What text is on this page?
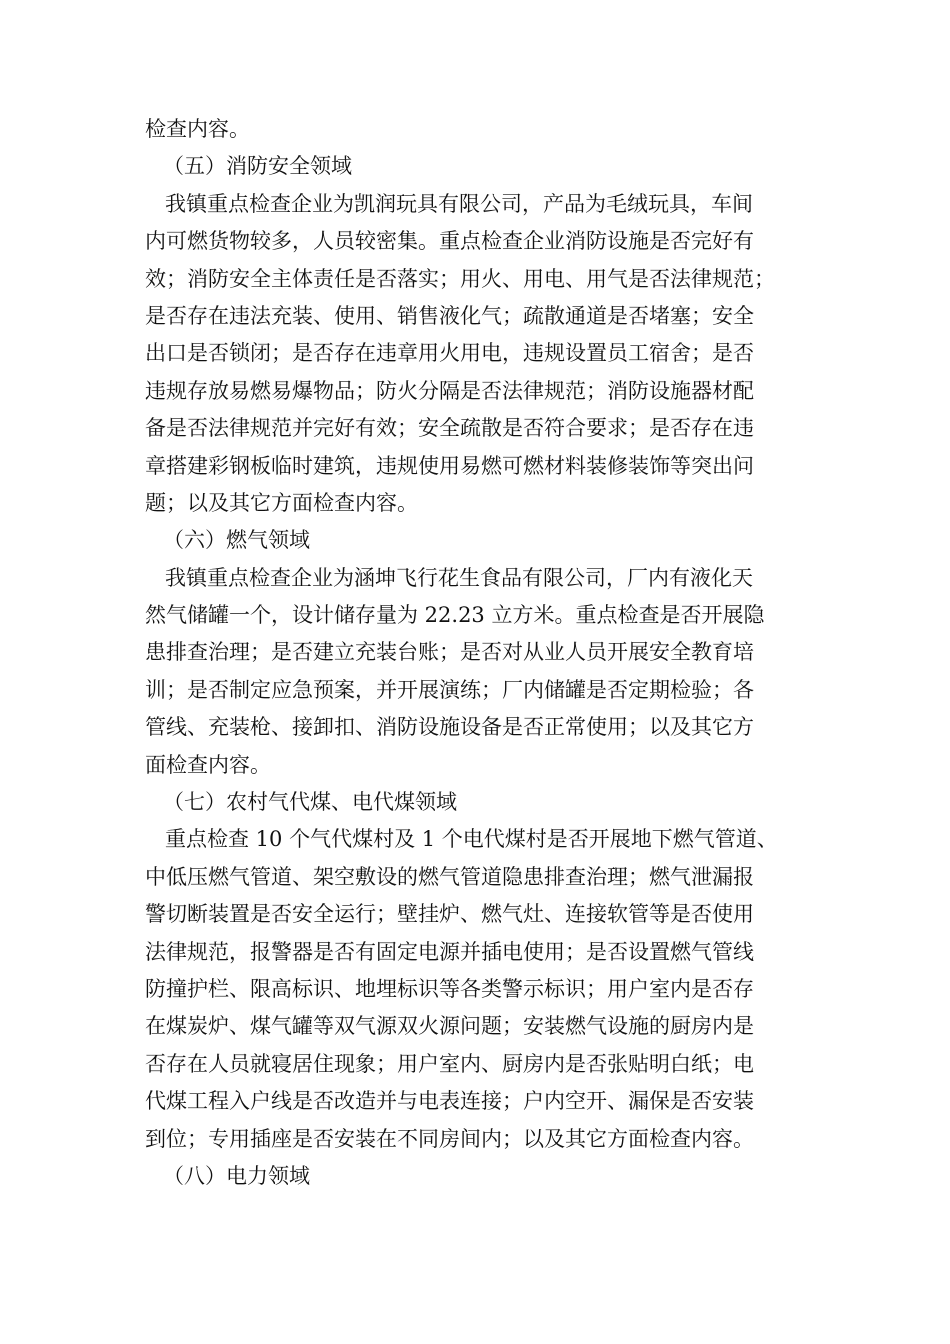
检查内容。
（五）消防安全领域
我镇重点检查企业为凯润玩具有限公司，产品为毛绒玩具，车间
内可燃货物较多，人员较密集。重点检查企业消防设施是否完好有
效；消防安全主体责任是否落实；用火、用电、用气是否法律规范；
是否存在违法充装、使用、销售液化气；疏散通道是否堵塞；安全
出口是否锁闭；是否存在违章用火用电，违规设置员工宿舍；是否
违规存放易燃易爆物品；防火分隔是否法律规范；消防设施器材配
备是否法律规范并完好有效；安全疏散是否符合要求；是否存在违
章搭建彩钢板临时建筑，违规使用易燃可燃材料装修装饰等突出问
题；以及其它方面检查内容。
（六）燃气领域
我镇重点检查企业为涵坤飞行花生食品有限公司，厂内有液化天
然气储罐一个，设计储存量为 22.23 立方米。重点检查是否开展隐
患排查治理；是否建立充装台账；是否对从业人员开展安全教育培
训；是否制定应急预案，并开展演练；厂内储罐是否定期检验；各
管线、充装枪、接卸扣、消防设施设备是否正常使用；以及其它方
面检查内容。
（七）农村气代煤、电代煤领域
重点检查 10 个气代煤村及 1 个电代煤村是否开展地下燃气管道、
中低压燃气管道、架空敷设的燃气管道隐患排查治理；燃气泄漏报
警切断装置是否安全运行；壁挂炉、燃气灶、连接软管等是否使用
法律规范，报警器是否有固定电源并插电使用；是否设置燃气管线
防撞护栏、限高标识、地埋标识等各类警示标识；用户室内是否存
在煤炭炉、煤气罐等双气源双火源问题；安装燃气设施的厨房内是
否存在人员就寝居住现象；用户室内、厨房内是否张贴明白纸；电
代煤工程入户线是否改造并与电表连接；户内空开、漏保是否安装
到位；专用插座是否安装在不同房间内；以及其它方面检查内容。
（八）电力领域
